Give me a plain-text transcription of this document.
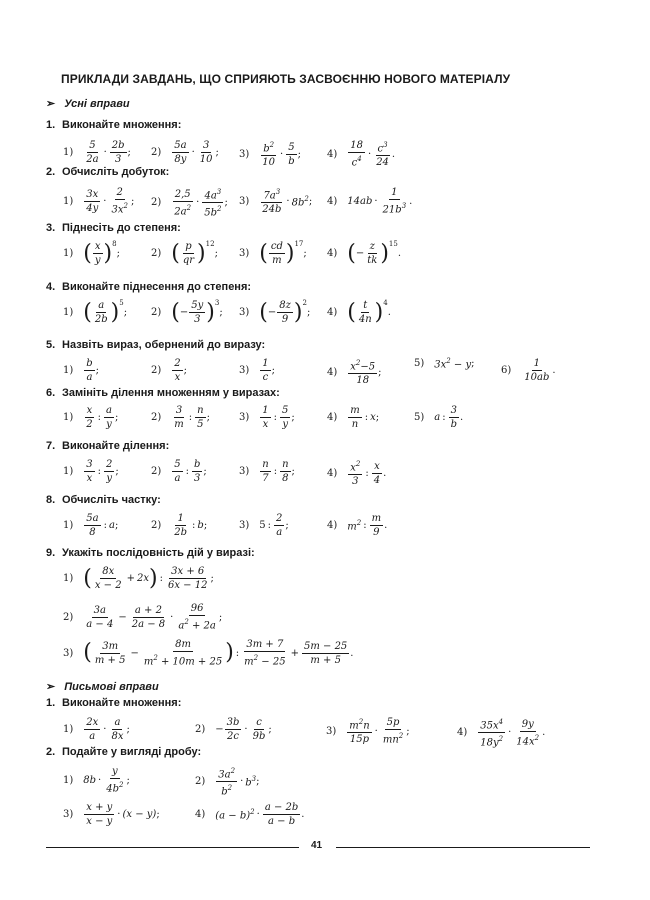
ПРИКЛАДИ ЗАВДАНЬ, ЩО СПРИЯЮТЬ ЗАСВОЄННЮ НОВОГО МАТЕРІАЛУ
➢ Усні вправи
1. Виконайте множення:
$1) \frac{5}{2a} \cdot \frac{2b}{3}$ ; $2) \frac{5a}{8y} \cdot \frac{3}{10}$ ; $3) \frac{b^2}{10} \cdot \frac{5}{b}$ ;	$4) \frac{18}{c^4} \cdot \frac{c^3}{24}$ .
2. Обчисліть добуток:
$1) \frac{3x}{4y} \cdot \frac{2}{3x^2}$ ; $2) \frac{2,5}{2a^2} \cdot \frac{4a^3}{5b^2}$ ; $3) \frac{7a^3}{24b} \cdot 8b^2$ ; 4) $14ab \cdot \frac{1}{21b^3}$ .
3. Піднесіть до степеня:
1) ( $\frac{x}{y} )^8$
;	2) ( $\frac{p}{qr} )^{12}$
; 3) ( $\frac{cd}{m} )^{17}$
; 4) ( − $\frac{z}{tk} )^{15}$
.
4. Виконайте піднесення до степеня:
1) ( $\frac{a}{2b} )^5$
; 2) ( − $\frac{5y}{3} )^3$
; 3) ( − $\frac{8z}{9} )^2$
; 4) ( $\frac{t}{4n} )^4$
.
5. Назвіть вираз, обернений до виразу:
$1) \frac{b}{a}$ ;	$2) \frac{2}{x}$ ;	$3) \frac{1}{c}$ ;	$4) \frac{x^2-5}{18}$ ;
5) $3x^2 - y$ ;
$6) \frac{1}{10ab}$ .
6. Замініть ділення множенням у виразах:
$1) \frac{x}{2}$ : $\frac{a}{y}$ ;	$2) \frac{3}{m}$ : $\frac{n}{5}$ ;	$3) \frac{1}{x}$ : $\frac{5}{y}$ ;	$4) \frac{m}{n}$ : x ;	5) a : $\frac{3}{b}$ .
7. Виконайте ділення:
$1) \frac{3}{x}$ : $\frac{2}{y}$ ;	$2) \frac{5}{a}$ : $\frac{b}{3}$ ;	$3) \frac{n}{7}$ : $\frac{n}{8}$ ;	$4) \frac{x^2}{3}$ : $\frac{x}{4}$ .
8. Обчисліть частку:
$1) \frac{5a}{8}$ : a ;	$2) \frac{1}{2b}$ : b ;	3) 5 : $\frac{2}{a}$ ;	4) $m^2$ : $\frac{m}{9}$ .
9. Укажіть послідовність дій у виразі:
1) ( $\frac{8x}{x - 2} + 2x$ ) : $\frac{3x + 6}{6x - 12}$ ;
$2) \frac{3a}{a - 4} - \frac{a + 2}{2a - 8} \cdot \frac{96}{a^2 + 2a}$ ;
3) ( $\frac{3m}{m + 5} - \frac{8m}{m^2 + 10m + 25}$ ) : $\frac{3m + 7}{m^2 - 25} + \frac{5m - 25}{m + 5}$ .
➢ Письмові вправи
1. Виконайте множення:
$1) \frac{2x}{a} \cdot \frac{a}{8x}$ ;	$2) - \frac{3b}{2c} \cdot \frac{c}{9b}$ ;	$3) \frac{m^2n}{15p} \cdot \frac{5p}{mn^2}$ ;	$4) \frac{35x^4}{18y^2} \cdot \frac{9y}{14x^2}$ .
2. Подайте у вигляді дробу:
1) $8b \cdot \frac{y}{4b^2}$ ;	$2) \frac{3a^2}{b^2} \cdot b^3$ ;
$3) \frac{x + y}{x - y} \cdot (x - y)$ ;	4) $(a - b)^2 \cdot \frac{a - 2b}{a - b}$ .
41
